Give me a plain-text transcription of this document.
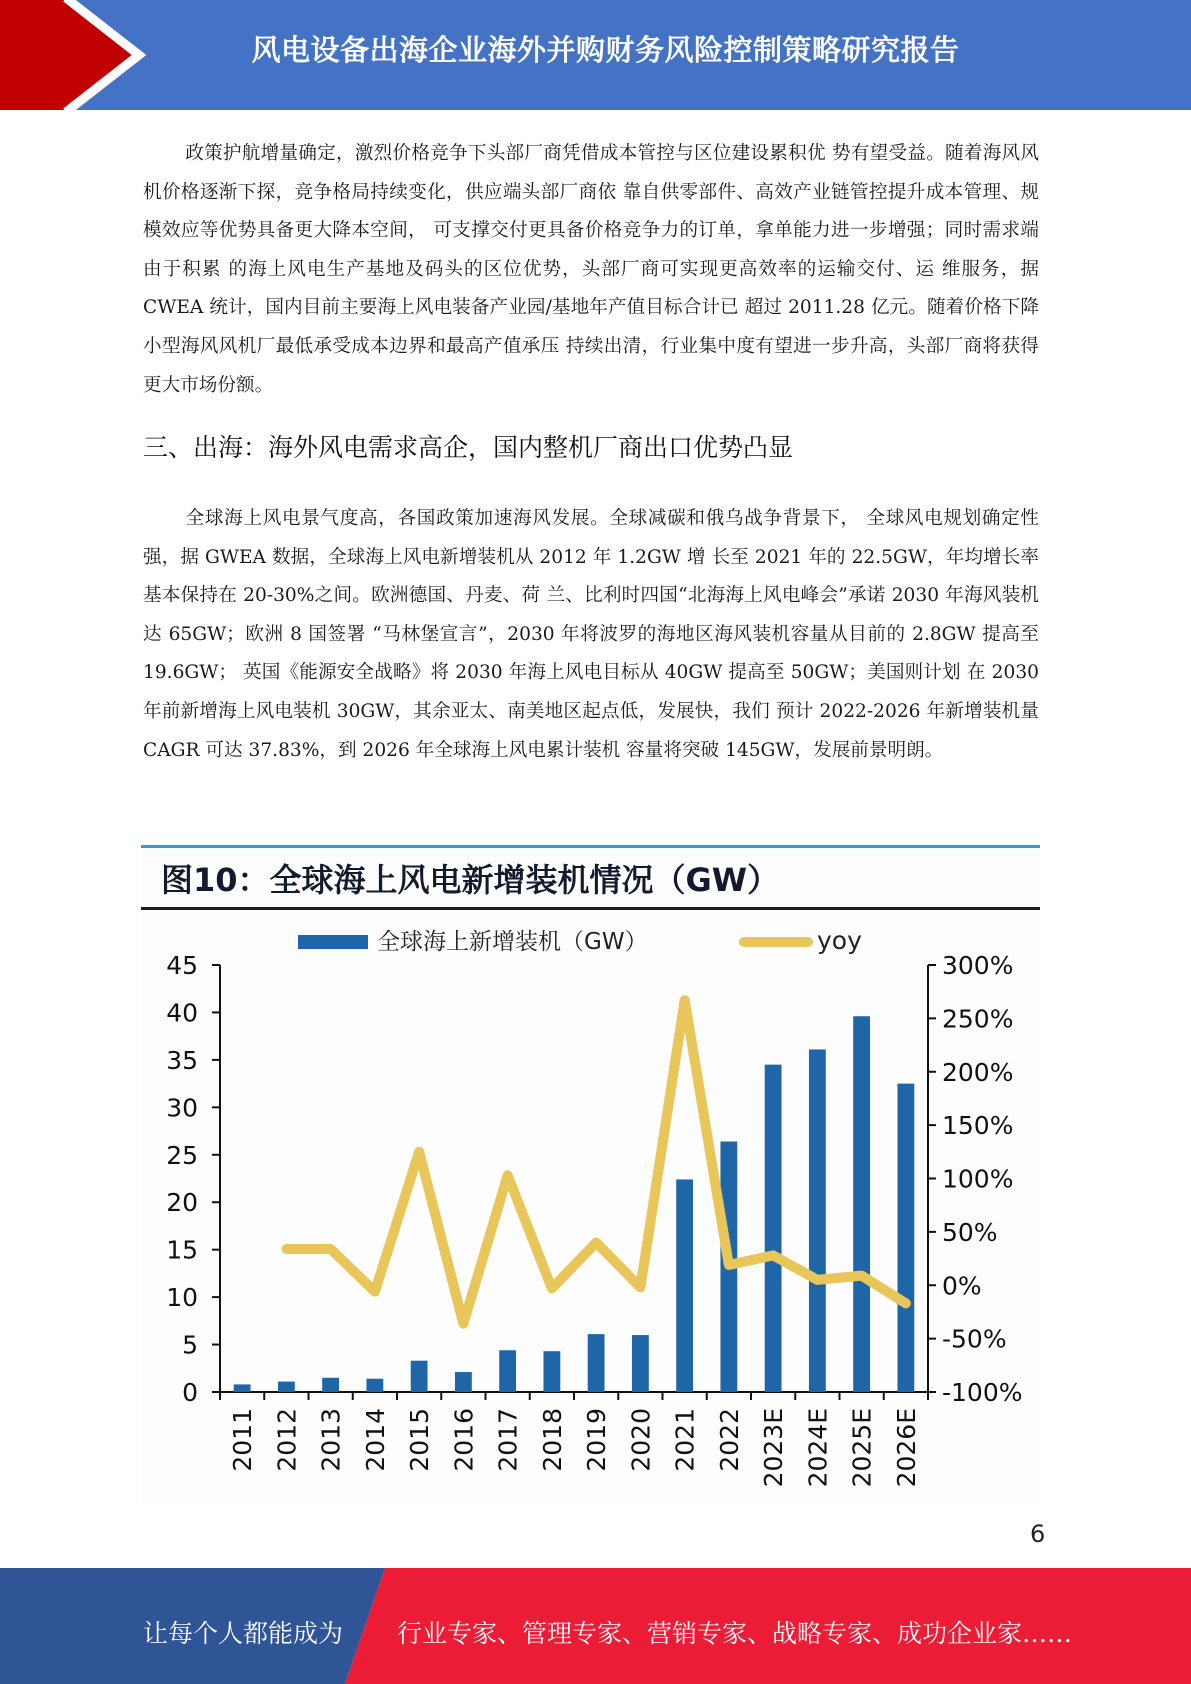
风电设备出海企业海外并购财务风险控制策略研究报告

政策护航增量确定，激烈价格竞争下头部厂商凭借成本管控与区位建设累积优 势有望受益。随着海风风机价格逐渐下探，竞争格局持续变化，供应端头部厂商依 靠自供零部件、高效产业链管控提升成本管理、规模效应等优势具备更大降本空间， 可支撑交付更具备价格竞争力的订单，拿单能力进一步增强；同时需求端由于积累 的海上风电生产基地及码头的区位优势，头部厂商可实现更高效率的运输交付、运 维服务，据 CWEA 统计，国内目前主要海上风电装备产业园/基地年产值目标合计已 超过 2011.28 亿元。随着价格下降小型海风风机厂最低承受成本边界和最高产值承压 持续出清，行业集中度有望进一步升高，头部厂商将获得更大市场份额。

三、出海：海外风电需求高企，国内整机厂商出口优势凸显

全球海上风电景气度高，各国政策加速海风发展。全球减碳和俄乌战争背景下， 全球风电规划确定性强，据 GWEA 数据，全球海上风电新增装机从 2012 年 1.2GW 增 长至 2021 年的 22.5GW，年均增长率基本保持在 20-30%之间。欧洲德国、丹麦、荷 兰、比利时四国“北海海上风电峰会”承诺 2030 年海风装机达 65GW；欧洲 8 国签署 “马林堡宣言”，2030 年将波罗的海地区海风装机容量从目前的 2.8GW 提高至 19.6GW； 英国《能源安全战略》将 2030 年海上风电目标从 40GW 提高至 50GW；美国则计划 在 2030 年前新增海上风电装机 30GW，其余亚太、南美地区起点低，发展快，我们 预计 2022-2026 年新增装机量 CAGR 可达 37.83%，到 2026 年全球海上风电累计装机 容量将突破 145GW，发展前景明朗。

图10：全球海上风电新增装机情况（GW）
全球海上新增装机（GW）	yoy
0
5
10
15
20
25
30
35
40
45
-100%
-50%
0%
50%
100%
150%
200%
250%
300%
2011 2012 2013 2014 2015 2016 2017 2018 2019 2020 2021 2022 2023E 2024E 2025E 2026E
6
让每个人都能成为 行业专家、管理专家、营销专家、战略专家、成功企业家……
